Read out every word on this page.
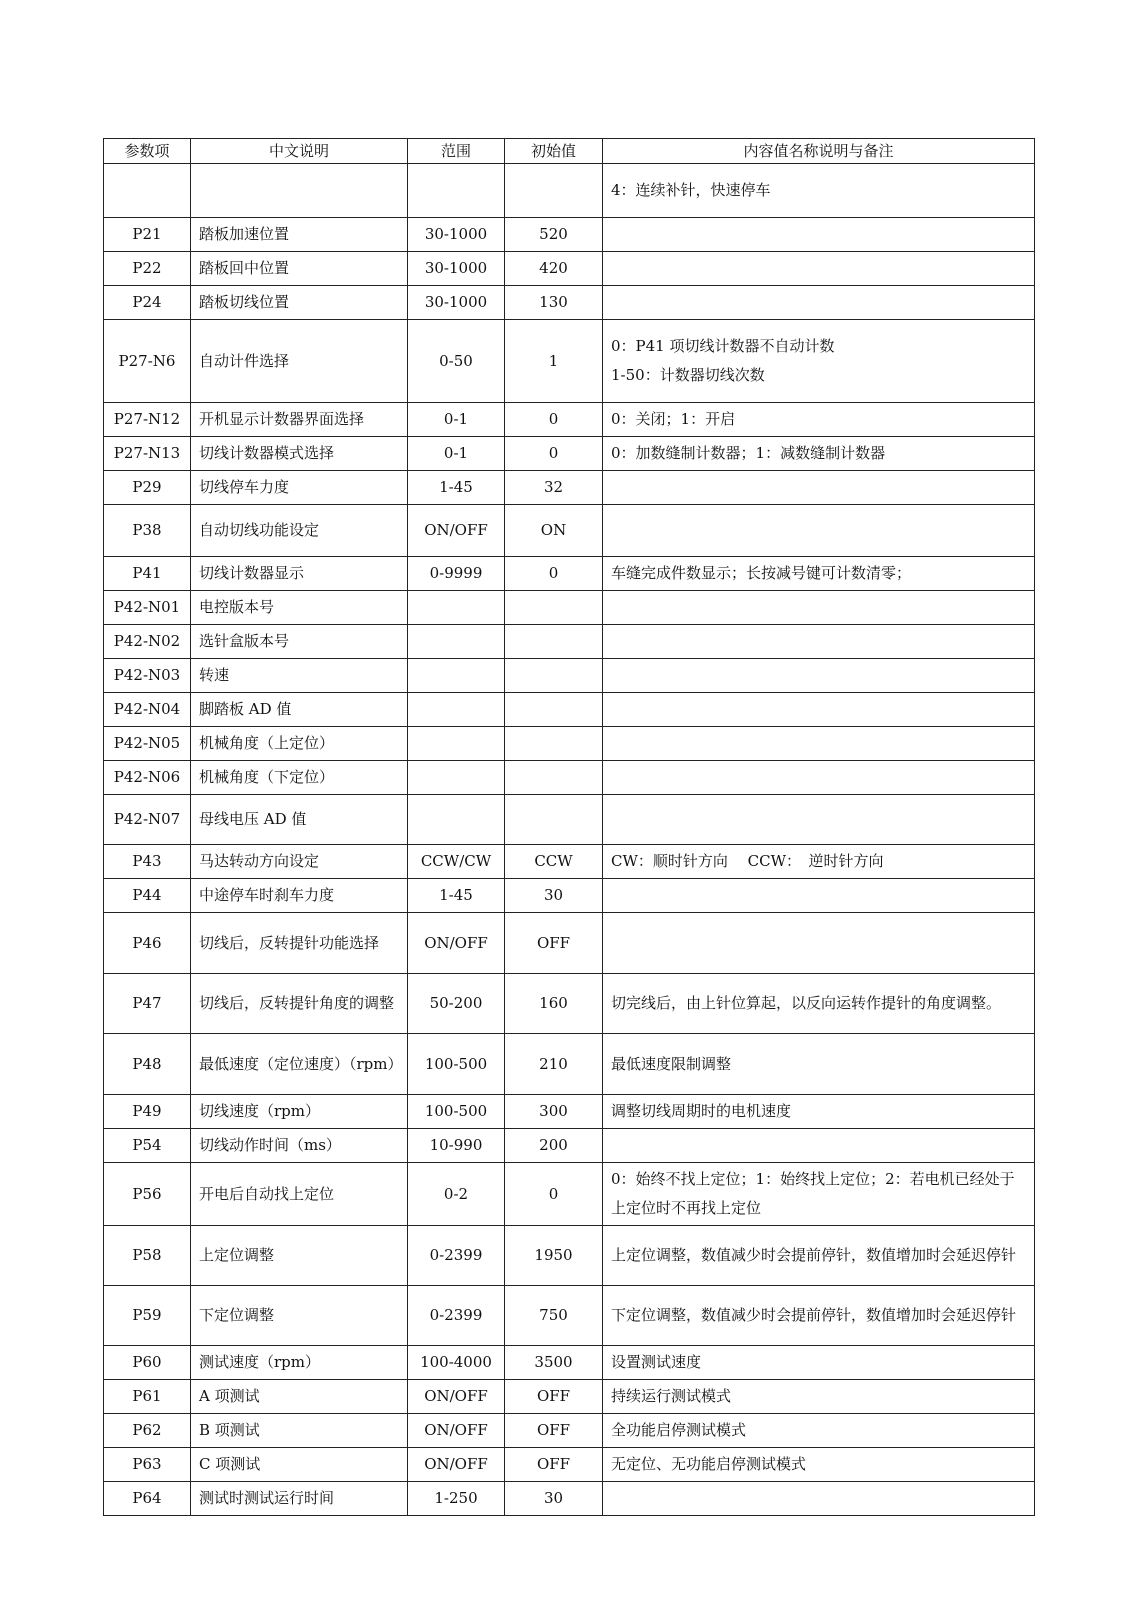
参数项	中文说明	范围	初始值	内容值名称说明与备注

				4：连续补针，快速停车

P21	踏板加速位置	30-1000	520	
P22	踏板回中位置	30-1000	420	
P24	踏板切线位置	30-1000	130	
P27-N6	自动计件选择	0-50	1	0：P41 项切线计数器不自动计数
1-50：计数器切线次数

P27-N12	开机显示计数器界面选择	0-1	0	0：关闭；1：开启

P27-N13	切线计数器模式选择	0-1	0	0：加数缝制计数器；1：减数缝制计数器

P29	切线停车力度	1-45	32	
P38	自动切线功能设定	ON/OFF	ON	
P41	切线计数器显示	0-9999	0	车缝完成件数显示；长按减号键可计数清零；

P42-N01	电控版本号			
P42-N02	选针盒版本号			
P42-N03	转速			
P42-N04	脚踏板 AD 值			
P42-N05	机械角度（上定位）			
P42-N06	机械角度（下定位）			
P42-N07	母线电压 AD 值			
P43	马达转动方向设定	CCW/CW	CCW	CW：顺时针方向　 CCW：　逆时针方向

P44	中途停车时刹车力度	1-45	30	
P46	切线后，反转提针功能选择	ON/OFF	OFF	
P47	切线后，反转提针角度的调整	50-200	160	切完线后，由上针位算起，以反向运转作提针的角度调整。

P48	最低速度（定位速度）（rpm）	100-500	210	最低速度限制调整

P49	切线速度（rpm）	100-500	300	调整切线周期时的电机速度

P54	切线动作时间（ms）	10-990	200	
P56	开电后自动找上定位	0-2	0	0：始终不找上定位；1：始终找上定位；2：若电机已经处于上定位时不再找上定位

P58	上定位调整	0-2399	1950	上定位调整，数值减少时会提前停针，数值增加时会延迟停针

P59	下定位调整	0-2399	750	下定位调整，数值减少时会提前停针，数值增加时会延迟停针

P60	测试速度（rpm）	100-4000	3500	设置测试速度

P61	A 项测试	ON/OFF	OFF	持续运行测试模式

P62	B 项测试	ON/OFF	OFF	全功能启停测试模式

P63	C 项测试	ON/OFF	OFF	无定位、无功能启停测试模式

P64	测试时测试运行时间	1-250	30	
